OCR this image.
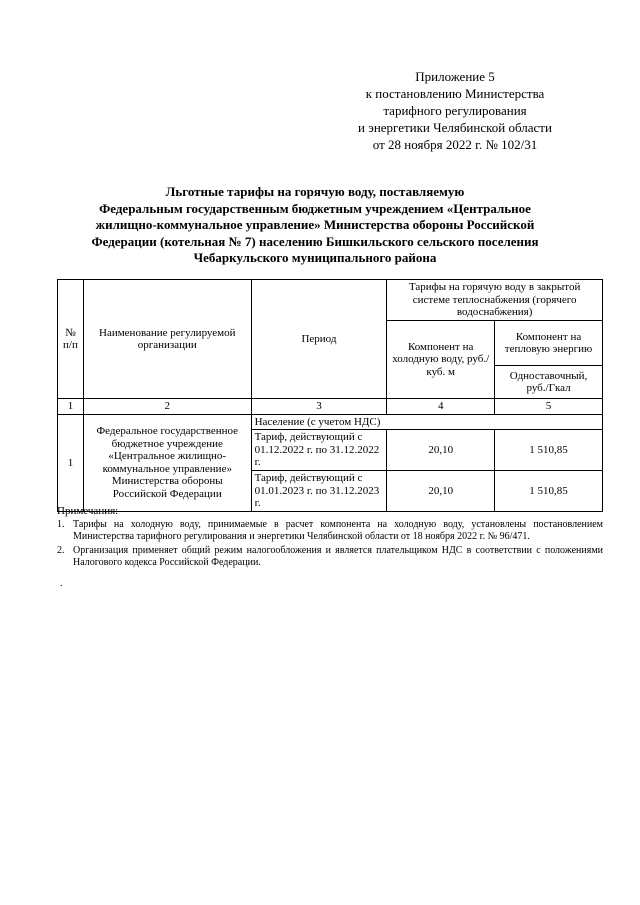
Приложение 5
к постановлению Министерства
тарифного регулирования
и энергетики Челябинской области
от 28 ноября 2022 г. № 102/31
Льготные тарифы на горячую воду, поставляемую
Федеральным государственным бюджетным учреждением «Центральное
жилищно-коммунальное управление» Министерства обороны Российской
Федерации (котельная № 7) населению Бишкильского сельского поселения
Чебаркульского муниципального района
№ п/п	Наименование регулируемой организации	Период	Тарифы на горячую воду в закрытой системе теплоснабжения (горячего водоснабжения)	
			Компонент на холодную воду, руб./куб. м	Компонент на тепловую энергию

				Одноставочный, руб./Гкал
1	2	3	4	5
1	Федеральное государственное бюджетное учреждение «Центральное жилищно-коммунальное управление» Министерства обороны Российской Федерации	Население (с учетом НДС)		
		Тариф, действующий с 01.12.2022 г. по 31.12.2022 г.	20,10	1 510,85
		Тариф, действующий с 01.01.2023 г. по 31.12.2023 г.	20,10	1 510,85
Примечания:
1. Тарифы на холодную воду, принимаемые в расчет компонента на холодную воду, установлены постановлением Министерства тарифного регулирования и энергетики Челябинской области от 18 ноября 2022 г. № 96/471.
2. Организация применяет общий режим налогообложения и является плательщиком НДС в соответствии с положениями Налогового кодекса Российской Федерации.
.
